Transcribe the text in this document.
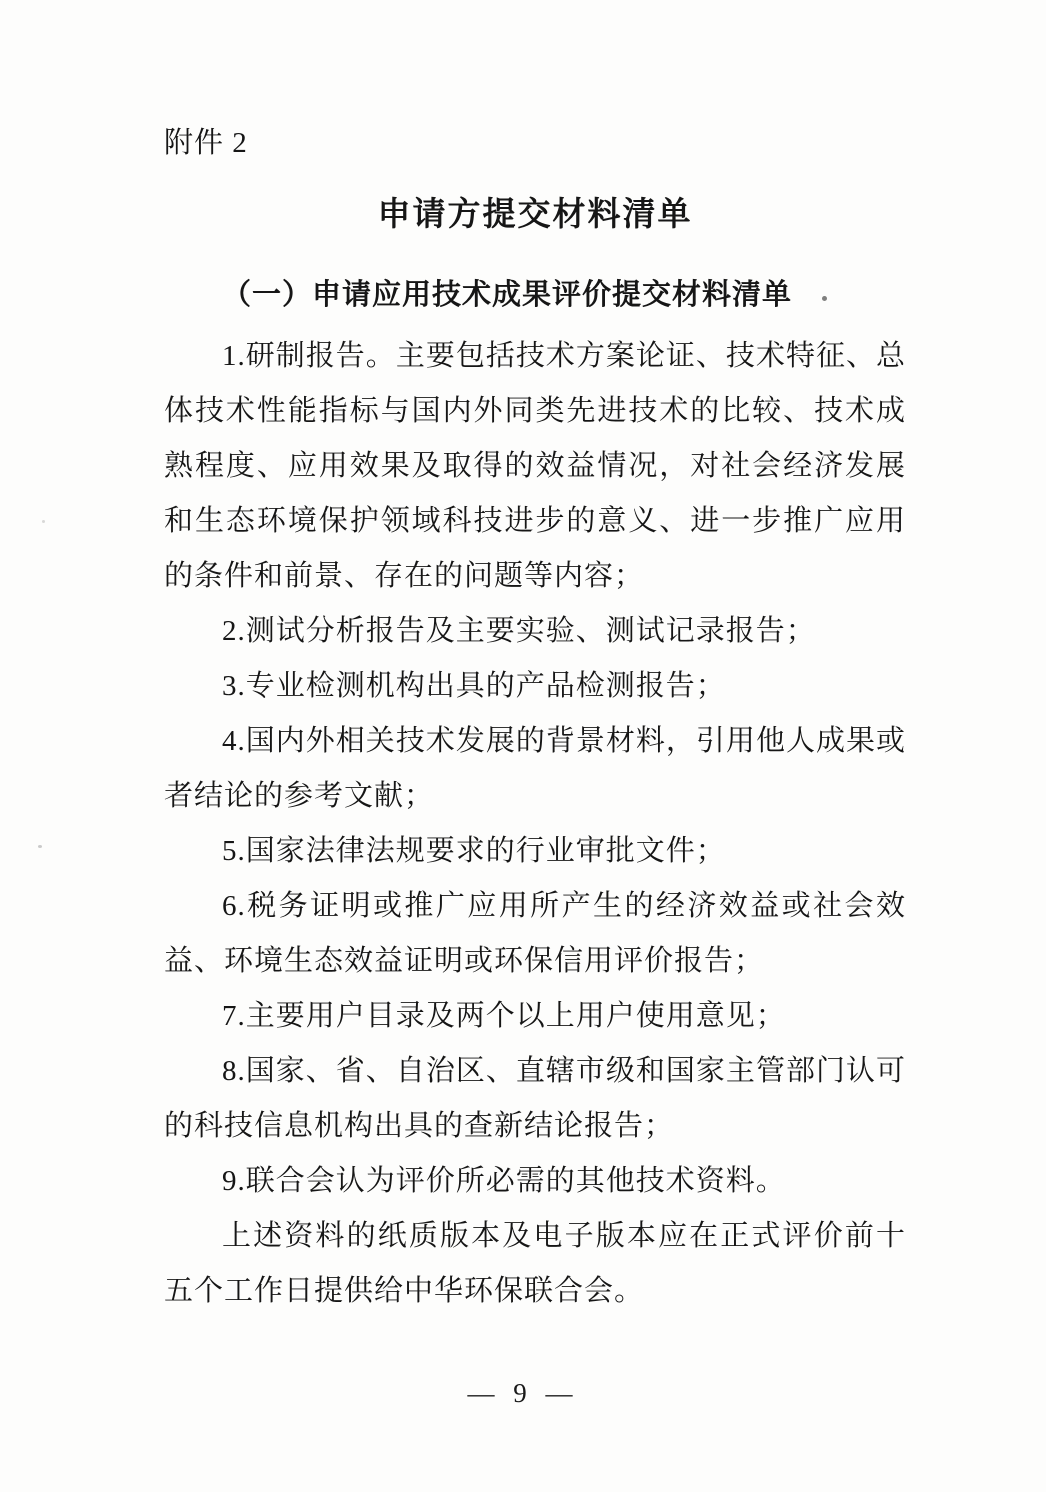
附件 2

申请方提交材料清单
（一）申请应用技术成果评价提交材料清单

1.研制报告。主要包括技术方案论证、技术特征、总体技术性能指标与国内外同类先进技术的比较、技术成熟程度、应用效果及取得的效益情况，对社会经济发展和生态环境保护领域科技进步的意义、进一步推广应用的条件和前景、存在的问题等内容；

2.测试分析报告及主要实验、测试记录报告；

3.专业检测机构出具的产品检测报告；

4.国内外相关技术发展的背景材料，引用他人成果或者结论的参考文献；

5.国家法律法规要求的行业审批文件；

6.税务证明或推广应用所产生的经济效益或社会效益、环境生态效益证明或环保信用评价报告；

7.主要用户目录及两个以上用户使用意见；

8.国家、省、自治区、直辖市级和国家主管部门认可的科技信息机构出具的查新结论报告；

9.联合会认为评价所必需的其他技术资料。

上述资料的纸质版本及电子版本应在正式评价前十五个工作日提供给中华环保联合会。

— 9 —
